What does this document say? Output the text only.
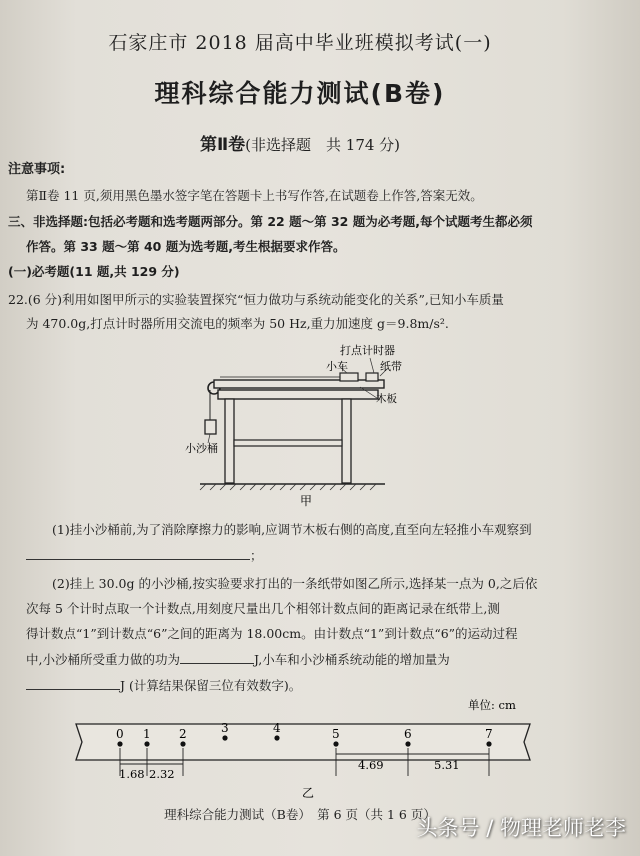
石家庄市 2018 届高中毕业班模拟考试(一)
理科综合能力测试(B卷)
第Ⅱ卷(非选择题　共 174 分)
注意事项:
第Ⅱ卷 11 页,须用黑色墨水签字笔在答题卡上书写作答,在试题卷上作答,答案无效。
三、非选择题:包括必考题和选考题两部分。第 22 题～第 32 题为必考题,每个试题考生都必须
作答。第 33 题～第 40 题为选考题,考生根据要求作答。
(一)必考题(11 题,共 129 分)
22.(6 分)利用如图甲所示的实验装置探究“恒力做功与系统动能变化的关系”,已知小车质量
为 470.0g,打点计时器所用交流电的频率为 50 Hz,重力加速度 g＝9.8m/s².
打点计时器
小车	纸带
木板
小沙桶
甲
(1)挂小沙桶前,为了消除摩擦力的影响,应调节木板右侧的高度,直至向左轻推小车观察到
；
(2)挂上 30.0g 的小沙桶,按实验要求打出的一条纸带如图乙所示,选择某一点为 0,之后依
次每 5 个计时点取一个计数点,用刻度尺量出几个相邻计数点间的距离记录在纸带上,测
得计数点“1”到计数点“6”之间的距离为 18.00cm。由计数点“1”到计数点“6”的运动过程
中,小沙桶所受重力做的功为	J,小车和小沙桶系统动能的增加量为
J (计算结果保留三位有效数字)。
单位: cm
0 1 2	3	4	5	6	7
1.68 2.32
4.69	5.31
乙
理科综合能力测试（B卷）　第 6 页（共 1 6 页）
头条号 / 物理老师老李
